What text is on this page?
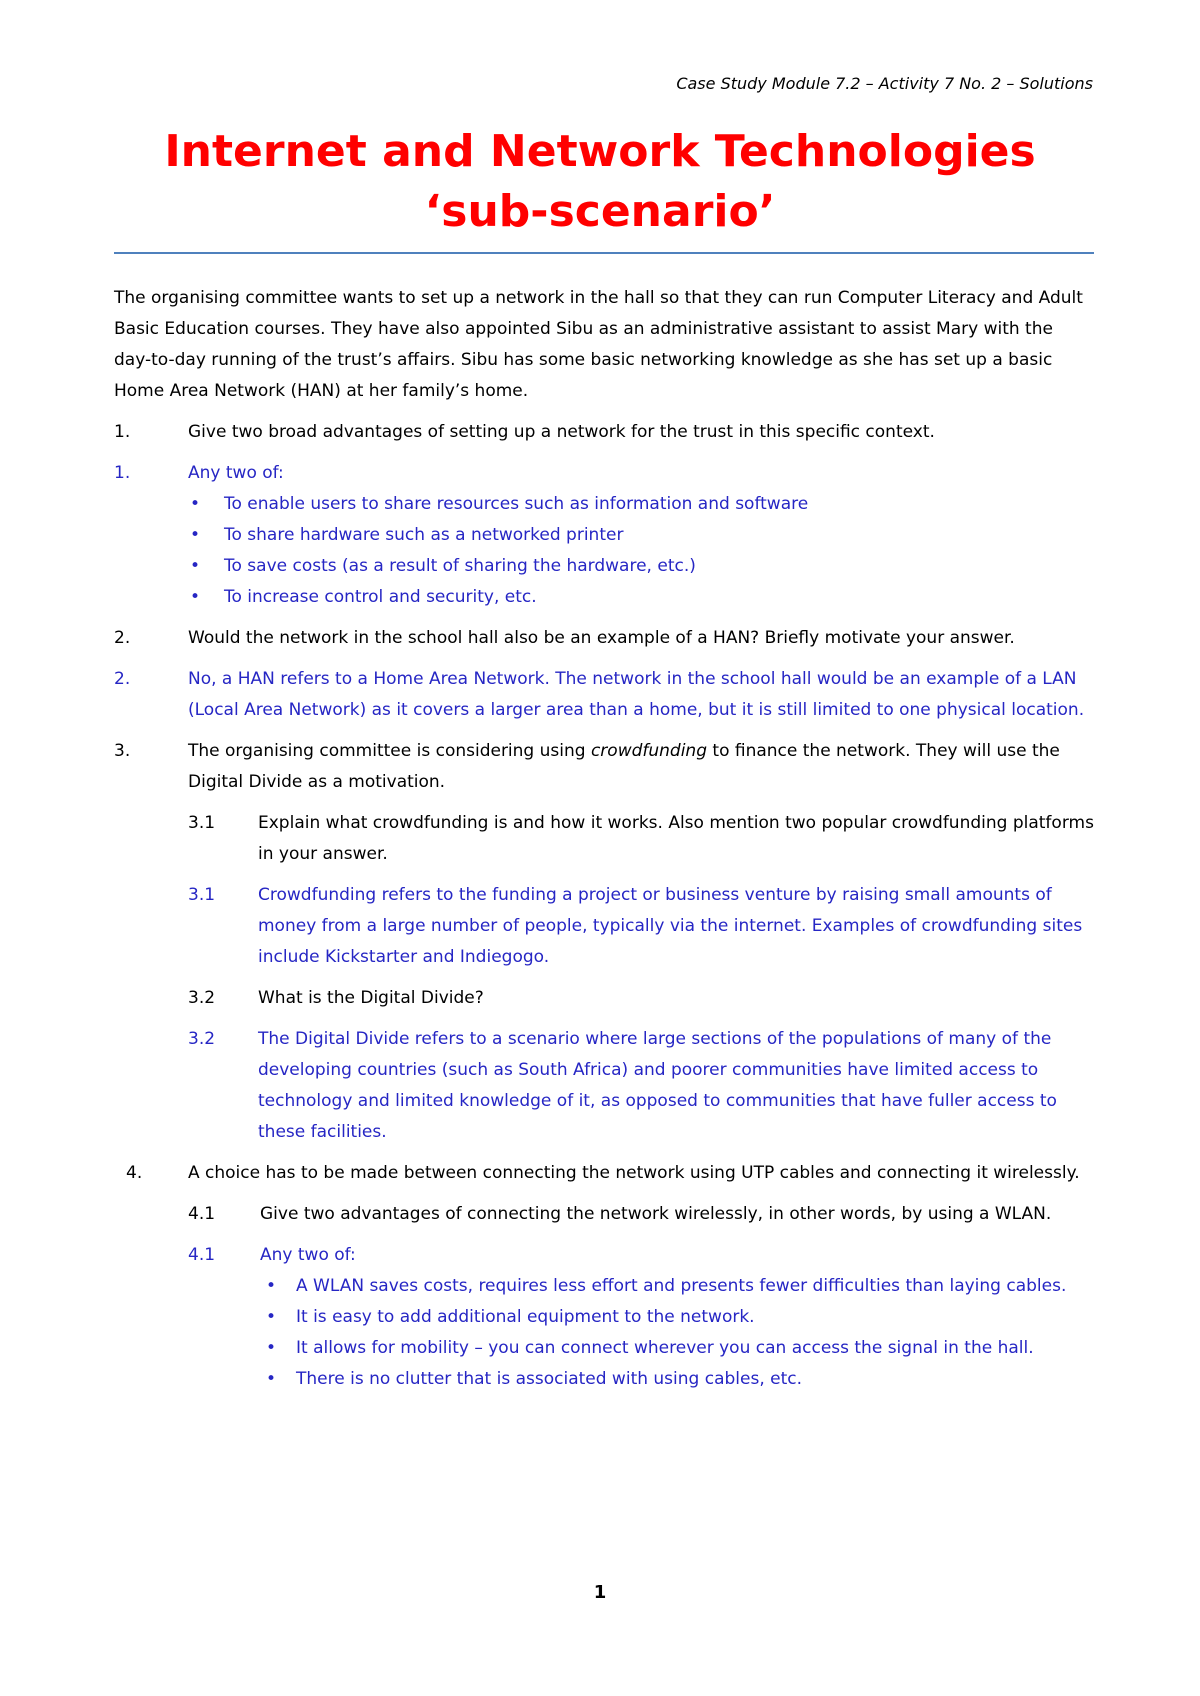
Case Study Module 7.2 – Activity 7 No. 2 – Solutions
Internet and Network Technologies
‘sub-scenario’

The organising committee wants to set up a network in the hall so that they can run Computer Literacy and Adult Basic Education courses. They have also appointed Sibu as an administrative assistant to assist Mary with the day-to-day running of the trust’s affairs. Sibu has some basic networking knowledge as she has set up a basic Home Area Network (HAN) at her family’s home.

1.	Give two broad advantages of setting up a network for the trust in this specific context.
1.	Any two of:
• To enable users to share resources such as information and software
• To share hardware such as a networked printer
• To save costs (as a result of sharing the hardware, etc.)
• To increase control and security, etc.
2.	Would the network in the school hall also be an example of a HAN? Briefly motivate your answer.
2.	No, a HAN refers to a Home Area Network. The network in the school hall would be an example of a LAN (Local Area Network) as it covers a larger area than a home, but it is still limited to one physical location.
3.	The organising committee is considering using crowdfunding to finance the network. They will use the Digital Divide as a motivation.
3.1	Explain what crowdfunding is and how it works. Also mention two popular crowdfunding platforms in your answer.
3.1	Crowdfunding refers to the funding a project or business venture by raising small amounts of money from a large number of people, typically via the internet. Examples of crowdfunding sites include Kickstarter and Indiegogo.
3.2	What is the Digital Divide?
3.2	The Digital Divide refers to a scenario where large sections of the populations of many of the developing countries (such as South Africa) and poorer communities have limited access to technology and limited knowledge of it, as opposed to communities that have fuller access to these facilities.
4.	A choice has to be made between connecting the network using UTP cables and connecting it wirelessly.
4.1	Give two advantages of connecting the network wirelessly, in other words, by using a WLAN.
4.1	Any two of:
• A WLAN saves costs, requires less effort and presents fewer difficulties than laying cables.
• It is easy to add additional equipment to the network.
• It allows for mobility – you can connect wherever you can access the signal in the hall.
• There is no clutter that is associated with using cables, etc.
1
